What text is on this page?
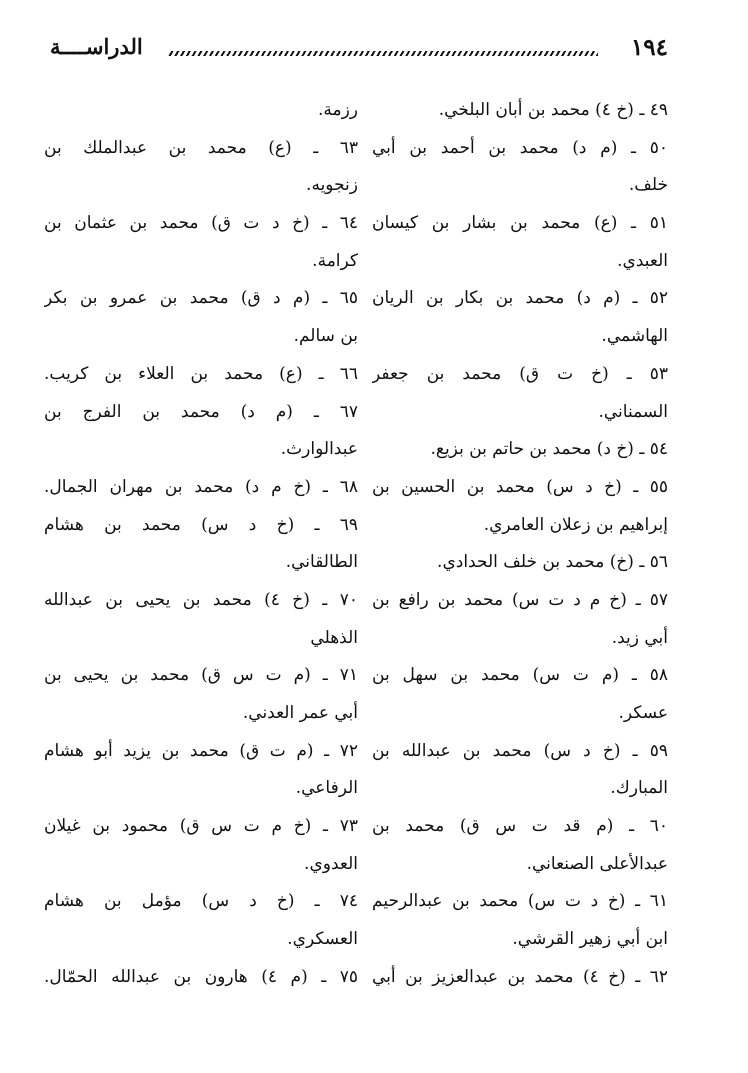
١٩٤
الدراســــة
٤٩ ـ (خ ٤) محمد بن أبان البلخي.
٥٠ ـ (م د) محمد بن أحمد بن أبي
خلف.
٥١ ـ (ع) محمد بن بشار بن كيسان
العبدي.
٥٢ ـ (م د) محمد بن بكار بن الريان
الهاشمي.
٥٣ ـ (خ ت ق) محمد بن جعفر
السمناني.
٥٤ ـ (خ د) محمد بن حاتم بن بزيع.
٥٥ ـ (خ د س) محمد بن الحسين بن
إبراهيم بن زعلان العامري.
٥٦ ـ (خ) محمد بن خلف الحدادي.
٥٧ ـ (خ م د ت س) محمد بن رافع بن
أبي زيد.
٥٨ ـ (م ت س) محمد بن سهل بن
عسكر.
٥٩ ـ (خ د س) محمد بن عبدالله بن
المبارك.
٦٠ ـ (م قد ت س ق) محمد بن
عبدالأعلى الصنعاني.
٦١ ـ (خ د ت س) محمد بن عبدالرحيم
ابن أبي زهير القرشي.
٦٢ ـ (خ ٤) محمد بن عبدالعزيز بن أبي
رزمة.
٦٣ ـ (ع) محمد بن عبدالملك بن
زنجويه.
٦٤ ـ (خ د ت ق) محمد بن عثمان بن
كرامة.
٦٥ ـ (م د ق) محمد بن عمرو بن بكر
بن سالم.
٦٦ ـ (ع) محمد بن العلاء بن كريب.
٦٧ ـ (م د) محمد بن الفرج بن
عبدالوارث.
٦٨ ـ (خ م د) محمد بن مهران الجمال.
٦٩ ـ (خ د س) محمد بن هشام
الطالقاني.
٧٠ ـ (خ ٤) محمد بن يحيى بن عبدالله
الذهلي
٧١ ـ (م ت س ق) محمد بن يحيى بن
أبي عمر العدني.
٧٢ ـ (م ت ق) محمد بن يزيد أبو هشام
الرفاعي.
٧٣ ـ (خ م ت س ق) محمود بن غيلان
العدوي.
٧٤ ـ (خ د س) مؤمل بن هشام
العسكري.
٧٥ ـ (م ٤) هارون بن عبدالله الحمّال.
